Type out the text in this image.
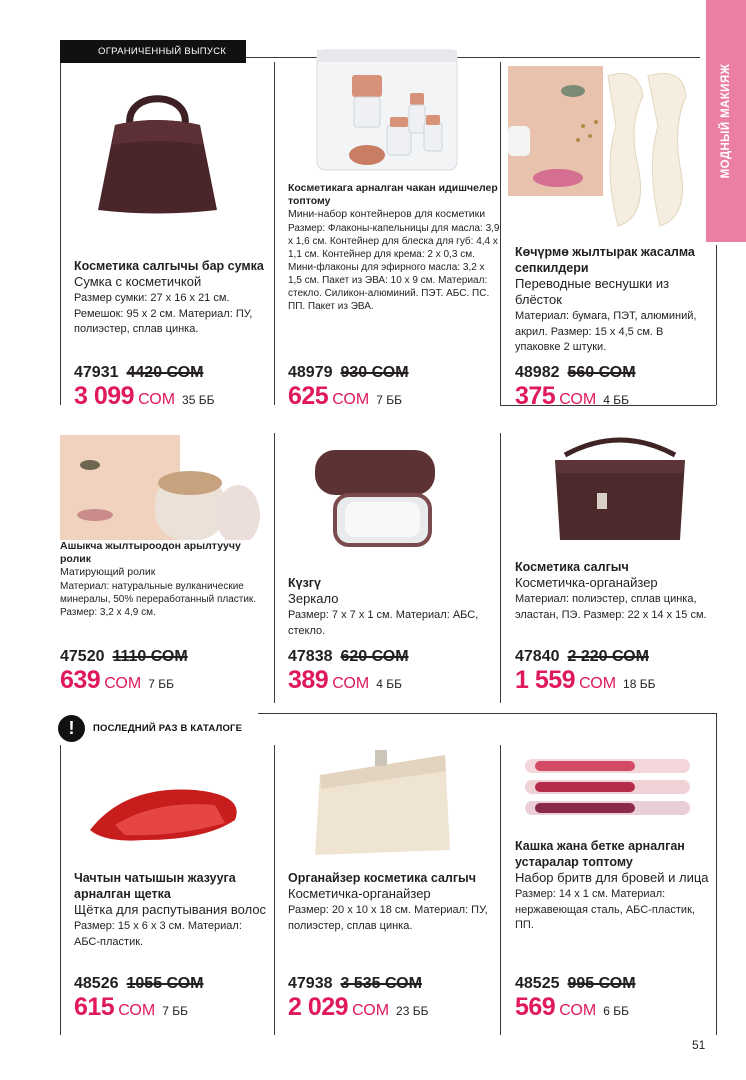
МОДНЫЙ МАКИЯЖ
ОГРАНИЧЕННЫЙ ВЫПУСК
!	ПОСЛЕДНИЙ РАЗ В КАТАЛОГЕ
Косметика салгычы бар сумка
Сумка с косметичкой
Размер сумки: 27 x 16 x 21 см. Ремешок: 95 x 2 см. Материал: ПУ, полиэстер, сплав цинка.
47931 4420 СОМ
3 099 СОМ 35 ББ
Косметикага арналган чакан идишчелер топтому
Мини-набор контейнеров для косметики
Размер: Флаконы-капельницы для масла: 3,9 x 1,6 см. Контейнер для блеска для губ: 4,4 x 1,1 см. Контейнер для крема: 2 x 0,3 см. Мини-флаконы для эфирного масла: 3,2 x 1,5 см. Пакет из ЭВА: 10 x 9 см. Материал: стекло. Силикон-алюминий. ПЭТ. АБС. ПС. ПП. Пакет из ЭВА.
48979 930 СОМ
625 СОМ 7 ББ
Көчүрмө жылтырак жасалма сепкилдери
Переводные веснушки из блёсток
Материал: бумага, ПЭТ, алюминий, акрил. Размер: 15 x 4,5 см. В упаковке 2 штуки.
48982 560 СОМ
375 СОМ 4 ББ
Ашыкча жылтыроодон арылтуучу ролик
Матирующий ролик
Материал: натуральные вулканические минералы, 50% переработанный пластик. Размер: 3,2 x 4,9 см.
47520 1110 СОМ
639 СОМ 7 ББ
Күзгү
Зеркало
Размер: 7 x 7 x 1 см. Материал: АБС, стекло.
47838 620 СОМ
389 СОМ 4 ББ
Косметика салгыч
Косметичка-органайзер
Материал: полиэстер, сплав цинка, эластан, ПЭ. Размер: 22 x 14 x 15 см.
47840 2 220 СОМ
1 559 СОМ 18 ББ
Чачтын чатышын жазууга арналган щетка
Щётка для распутывания волос
Размер: 15 x 6 x 3 см. Материал: АБС-пластик.
48526 1055 СОМ
615 СОМ 7 ББ
Органайзер косметика салгыч
Косметичка-органайзер
Размер: 20 x 10 x 18 см. Материал: ПУ, полиэстер, сплав цинка.
47938 3 535 СОМ
2 029 СОМ 23 ББ
Кашка жана бетке арналган устаралар топтому
Набор бритв для бровей и лица
Размер: 14 x 1 см. Материал: нержавеющая сталь, АБС-пластик, ПП.
48525 995 СОМ
569 СОМ 6 ББ
51
